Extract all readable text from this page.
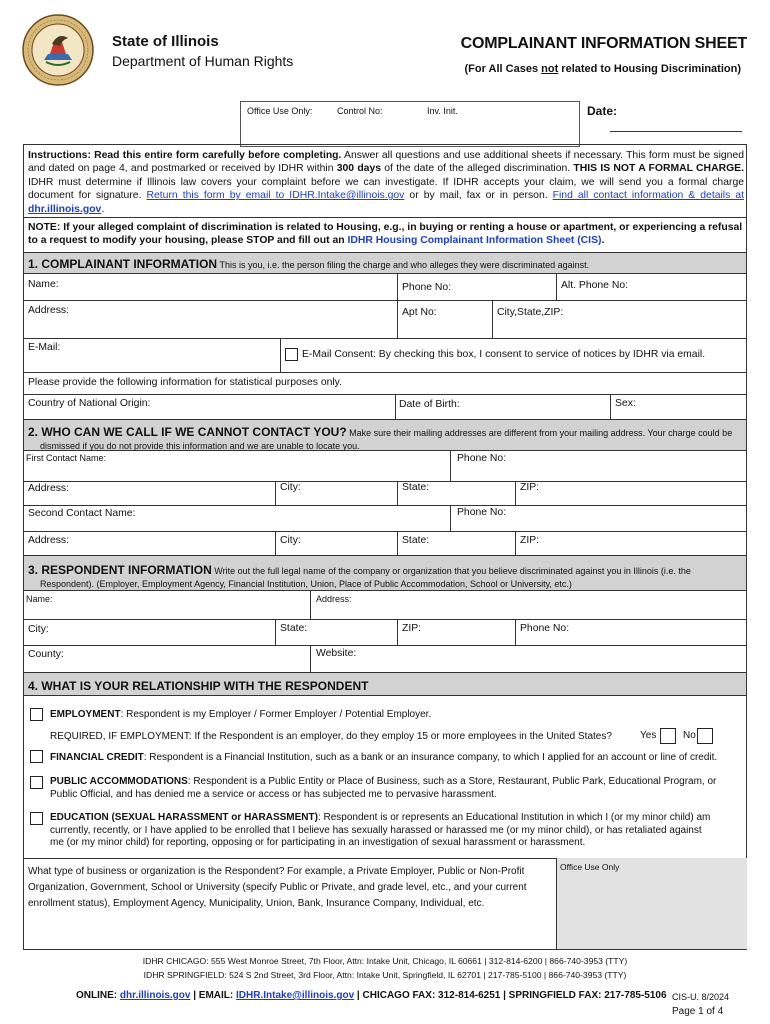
State of Illinois
Department of Human Rights
COMPLAINANT INFORMATION SHEET
(For All Cases not related to Housing Discrimination)
Office Use Only:	Control No:	Inv. Init.	Date:
Instructions: Read this entire form carefully before completing. Answer all questions and use additional sheets if necessary. This form must be signed and dated on page 4, and postmarked or received by IDHR within 300 days of the date of the alleged discrimination. THIS IS NOT A FORMAL CHARGE. IDHR must determine if Illinois law covers your complaint before we can investigate. If IDHR accepts your claim, we will send you a formal charge document for signature. Return this form by email to IDHR.Intake@illinois.gov or by mail, fax or in person. Find all contact information & details at dhr.illinois.gov.
NOTE: If your alleged complaint of discrimination is related to Housing, e.g., in buying or renting a house or apartment, or experiencing a refusal to a request to modify your housing, please STOP and fill out an IDHR Housing Complainant Information Sheet (CIS).
1. COMPLAINANT INFORMATION This is you, i.e. the person filing the charge and who alleges they were discriminated against.
Name:	Phone No:	Alt. Phone No:
Address:	Apt No:	City,State,ZIP:
E-Mail:
E-Mail Consent: By checking this box, I consent to service of notices by IDHR via email.
Please provide the following information for statistical purposes only.
Country of National Origin:	Date of Birth:	Sex:
2. WHO CAN WE CALL IF WE CANNOT CONTACT YOU? Make sure their mailing addresses are different from your mailing address. Your charge could be
dismissed if you do not provide this information and we are unable to locate you.
First Contact Name:	Phone No:
Address:	City:	State:	ZIP:
Second Contact Name:	Phone No:
Address:	City:	State:	ZIP:
3. RESPONDENT INFORMATION Write out the full legal name of the company or organization that you believe discriminated against you in Illinois (i.e. the
Respondent). (Employer, Employment Agency, Financial Institution, Union, Place of Public Accommodation, School or University, etc.)
Name:	Address:
City:	State:	ZIP:	Phone No:
County:	Website:
4. WHAT IS YOUR RELATIONSHIP WITH THE RESPONDENT
EMPLOYMENT: Respondent is my Employer / Former Employer / Potential Employer.
REQUIRED, IF EMPLOYMENT: If the Respondent is an employer, do they employ 15 or more employees in the United States?	Yes	No
FINANCIAL CREDIT: Respondent is a Financial Institution, such as a bank or an insurance company, to which I applied for an account or line of credit.
PUBLIC ACCOMMODATIONS: Respondent is a Public Entity or Place of Business, such as a Store, Restaurant, Public Park, Educational Program, or
Public Official, and has denied me a service or access or has subjected me to pervasive harassment.
EDUCATION (SEXUAL HARASSMENT or HARASSMENT): Respondent is or represents an Educational Institution in which I (or my minor child) am
currently, recently, or I have applied to be enrolled that I believe has sexually harassed or harassed me (or my minor child), or has retaliated against
me (or my minor child) for reporting, opposing or for participating in an investigation of sexual harassment or harassment.
What type of business or organization is the Respondent? For example, a Private Employer, Public or Non-Profit
Organization, Government, School or University (specify Public or Private, and grade level, etc., and your current
enrollment status), Employment Agency, Municipality, Union, Bank, Insurance Company, Individual, etc.
Office Use Only
IDHR CHICAGO: 555 West Monroe Street, 7th Floor, Attn: Intake Unit, Chicago, IL 60661 | 312-814-6200 | 866-740-3953 (TTY)
IDHR SPRINGFIELD: 524 S 2nd Street, 3rd Floor, Attn: Intake Unit, Springfield, IL 62701 | 217-785-5100 | 866-740-3953 (TTY)
ONLINE: dhr.illinois.gov | EMAIL: IDHR.Intake@illinois.gov | CHICAGO FAX: 312-814-6251 | SPRINGFIELD FAX: 217-785-5106 CIS-U. 8/2024
Page 1 of 4
